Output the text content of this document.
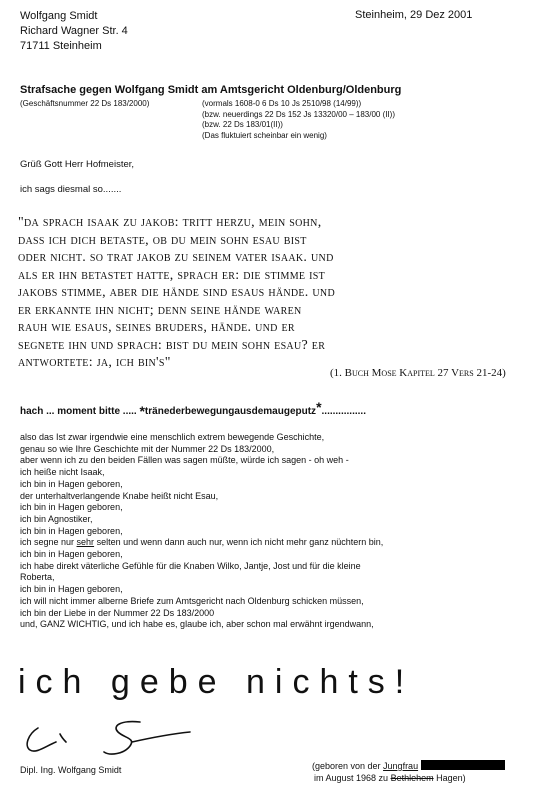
Wolfgang Smidt
Richard Wagner Str. 4
71711 Steinheim
Steinheim, 29 Dez 2001
Strafsache gegen Wolfgang Smidt am Amtsgericht Oldenburg/Oldenburg
(Geschäftsnummer 22 Ds 183/2000)	(vormals 1608-0 6 Ds 10 Js 2510/98 (14/99))
(bzw. neuerdings 22 Ds 152 Js 13320/00 – 183/00 (II))
(bzw. 22 Ds 183/01(II))
(Das fluktuiert scheinbar ein wenig)
Grüß Gott Herr Hofmeister,
ich sags diesmal so.......
"da sprach isaak zu jakob: tritt herzu, mein sohn,
dass ich dich betaste, ob du mein sohn esau bist
oder nicht. so trat jakob zu seinem vater isaak. und
als er ihn betastet hatte, sprach er: die stimme ist
jakobs stimme, aber die hände sind esaus hände. und
er erkannte ihn nicht; denn seine hände waren
rauh wie esaus, seines bruders, hände. und er
segnete ihn und sprach: bist du mein sohn esau? er
antwortete: ja, ich bin's"
(1. Buch Mose Kapitel 27 Vers 21-24)
hach ... moment bitte ..... *tränederbewegungausdemaugeputz*................
also das Ist zwar irgendwie eine menschlich extrem bewegende Geschichte,
genau so wie Ihre Geschichte mit der Nummer 22 Ds 183/2000,
aber wenn ich zu den beiden Fällen was sagen müßte, würde ich sagen - oh weh -
ich heiße nicht Isaak,
ich bin in Hagen geboren,
der unterhaltverlangende Knabe heißt nicht Esau,
ich bin in Hagen geboren,
ich bin Agnostiker,
ich bin in Hagen geboren,
ich segne nur sehr selten und wenn dann auch nur, wenn ich nicht mehr ganz nüchtern bin,
ich bin in Hagen geboren,
ich habe direkt väterliche Gefühle für die Knaben Wilko, Jantje, Jost und für die kleine
Roberta,
ich bin in Hagen geboren,
ich will nicht immer alberne Briefe zum Amtsgericht nach Oldenburg schicken müssen,
ich bin der Liebe in der Nummer 22 Ds 183/2000
und, GANZ WICHTIG, und ich habe es, glaube ich, aber schon mal erwähnt irgendwann,
ich gebe nichts!
Dipl. Ing. Wolfgang Smidt	(geboren von der Jungfrau
im August 1968 zu Bethlehem Hagen)
